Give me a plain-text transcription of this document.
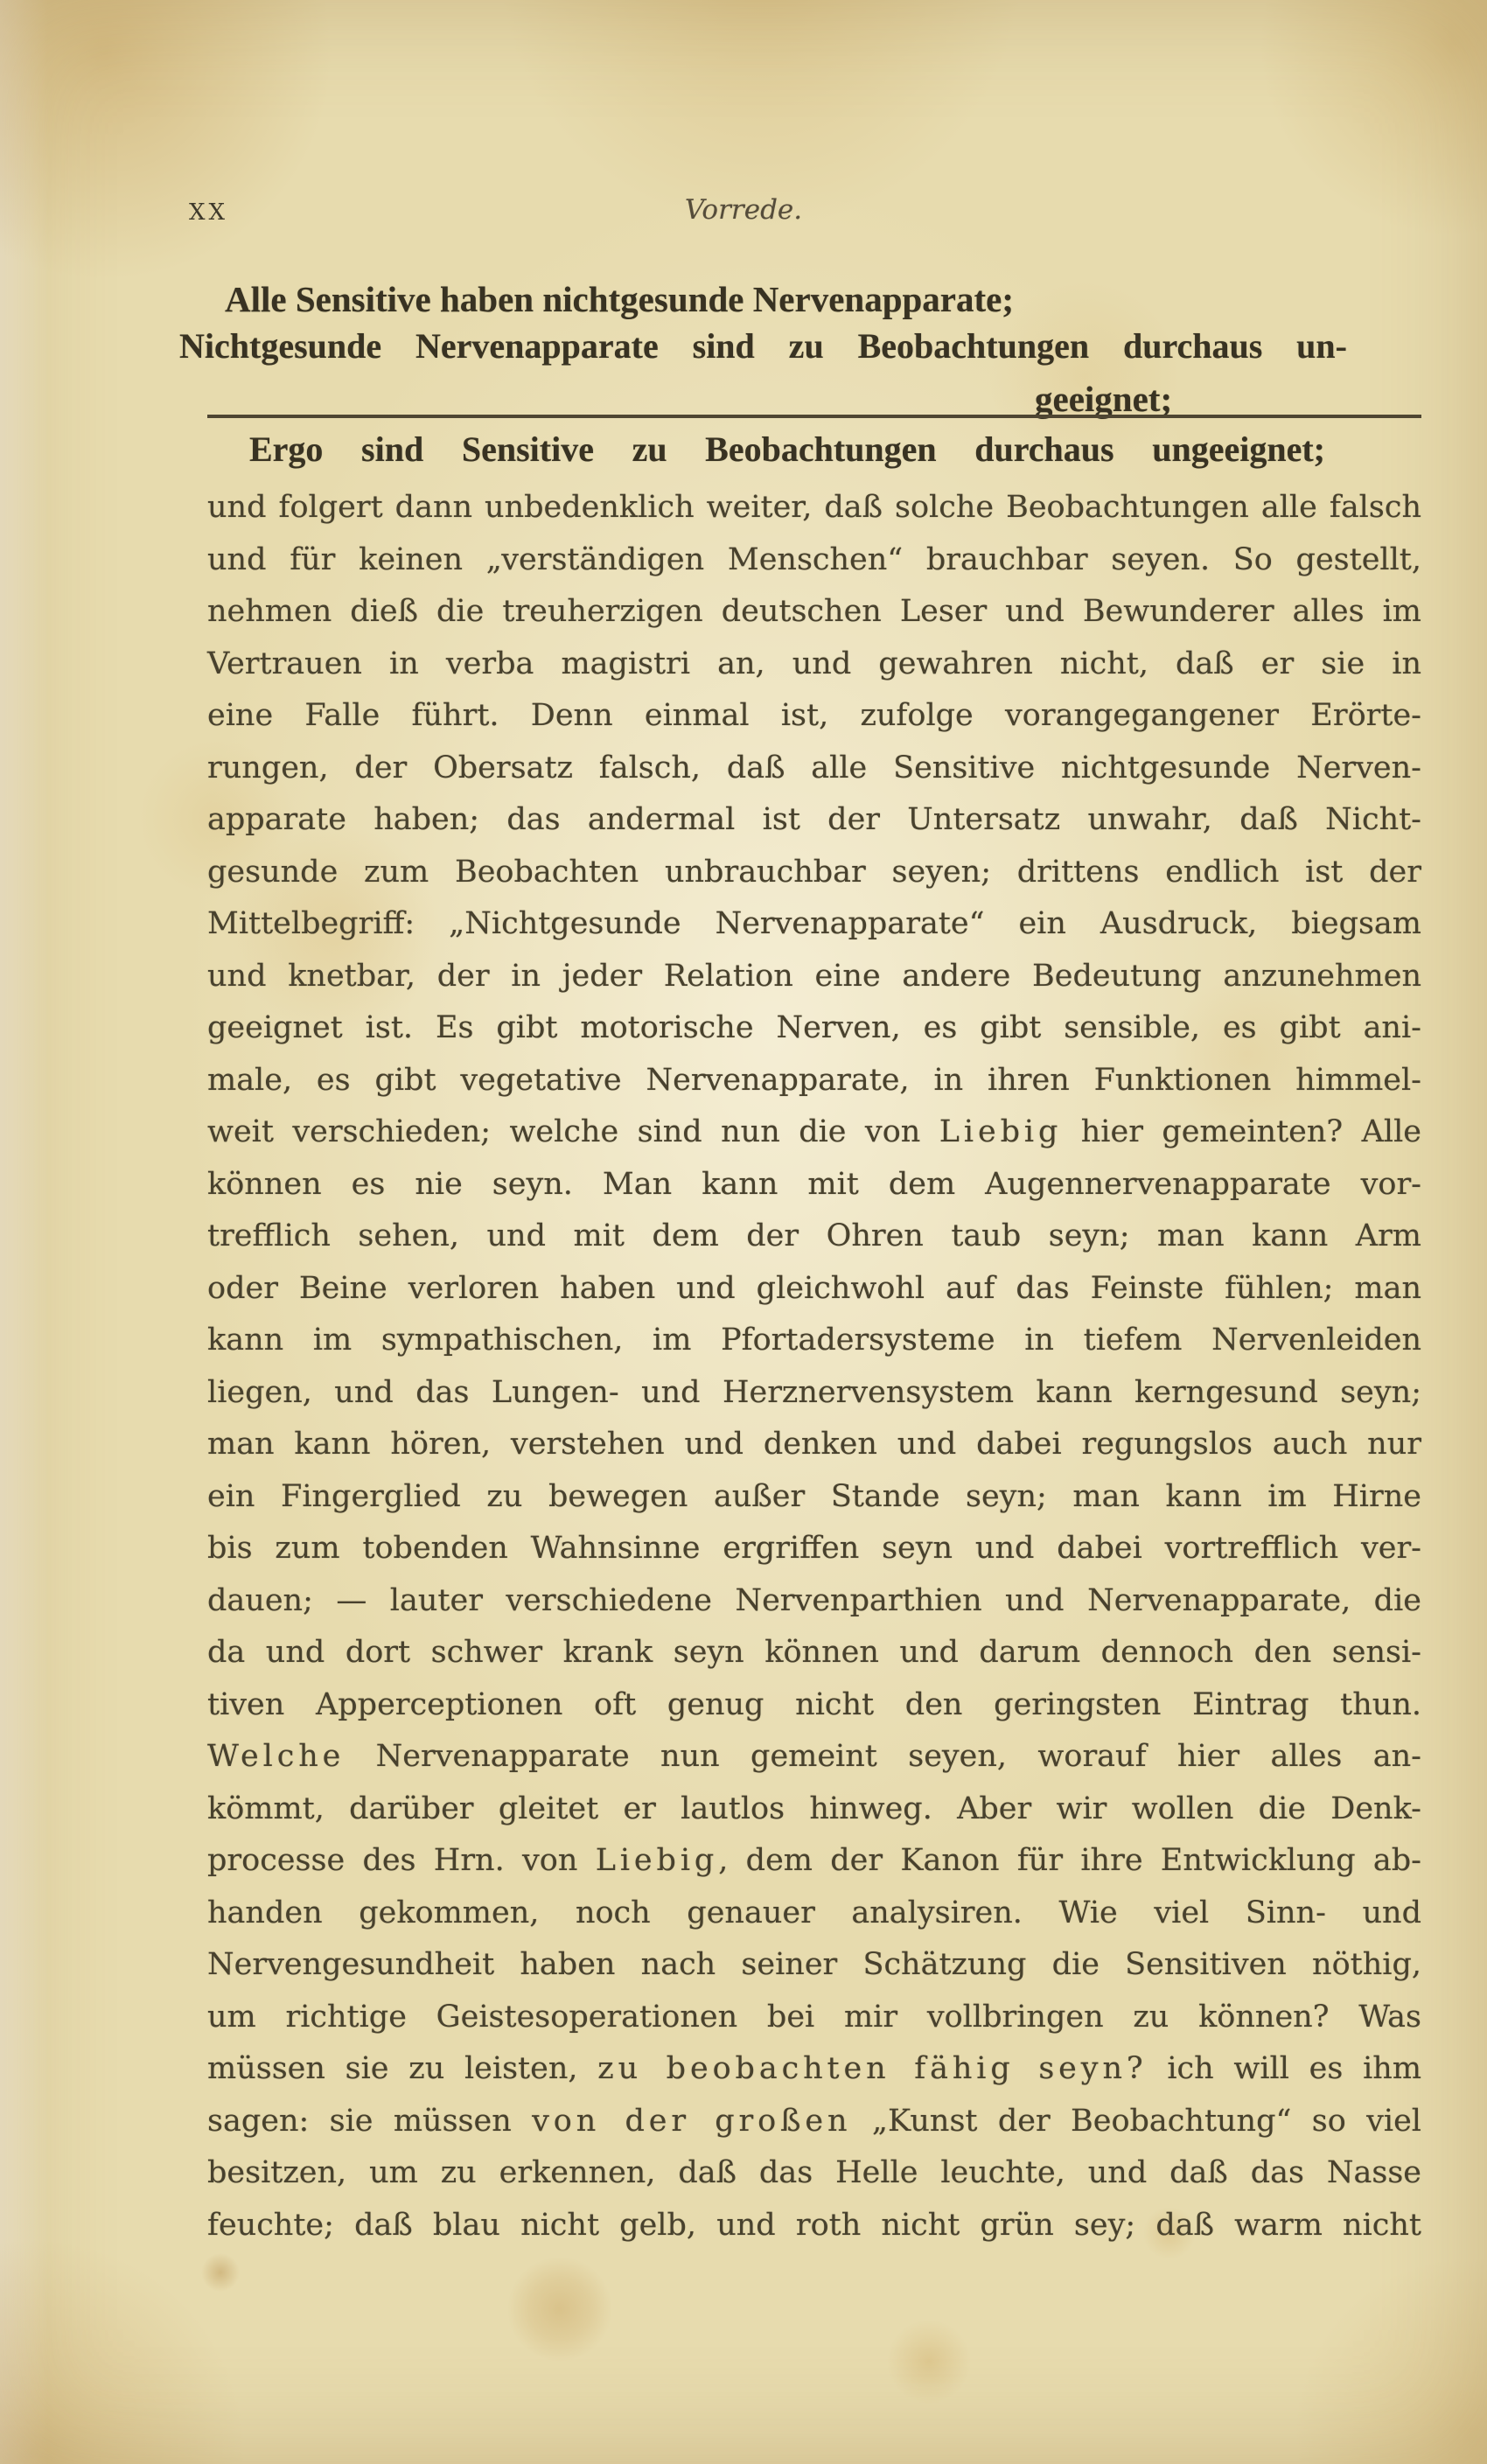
XX	Vorrede.
Alle Sensitive haben nichtgesunde Nervenapparate;
Nichtgesunde Nervenapparate sind zu Beobachtungen durchaus un-
geeignet;
Ergo sind Sensitive zu Beobachtungen durchaus ungeeignet;
und folgert dann unbedenklich weiter, daß solche Beobachtungen alle falsch
und für keinen „verständigen Menschen“ brauchbar seyen. So gestellt,
nehmen dieß die treuherzigen deutschen Leser und Bewunderer alles im
Vertrauen in verba magistri an, und gewahren nicht, daß er sie in
eine Falle führt. Denn einmal ist, zufolge vorangegangener Erörte-
rungen, der Obersatz falsch, daß alle Sensitive nichtgesunde Nerven-
apparate haben; das andermal ist der Untersatz unwahr, daß Nicht-
gesunde zum Beobachten unbrauchbar seyen; drittens endlich ist der
Mittelbegriff: „Nichtgesunde Nervenapparate“ ein Ausdruck, biegsam
und knetbar, der in jeder Relation eine andere Bedeutung anzunehmen
geeignet ist. Es gibt motorische Nerven, es gibt sensible, es gibt ani-
male, es gibt vegetative Nervenapparate, in ihren Funktionen himmel-
weit verschieden; welche sind nun die von Liebig hier gemeinten? Alle
können es nie seyn. Man kann mit dem Augennervenapparate vor-
trefflich sehen, und mit dem der Ohren taub seyn; man kann Arm
oder Beine verloren haben und gleichwohl auf das Feinste fühlen; man
kann im sympathischen, im Pfortadersysteme in tiefem Nervenleiden
liegen, und das Lungen- und Herznervensystem kann kerngesund seyn;
man kann hören, verstehen und denken und dabei regungslos auch nur
ein Fingerglied zu bewegen außer Stande seyn; man kann im Hirne
bis zum tobenden Wahnsinne ergriffen seyn und dabei vortrefflich ver-
dauen; — lauter verschiedene Nervenparthien und Nervenapparate, die
da und dort schwer krank seyn können und darum dennoch den sensi-
tiven Apperceptionen oft genug nicht den geringsten Eintrag thun.
Welche Nervenapparate nun gemeint seyen, worauf hier alles an-
kömmt, darüber gleitet er lautlos hinweg. Aber wir wollen die Denk-
processe des Hrn. von Liebig, dem der Kanon für ihre Entwicklung ab-
handen gekommen, noch genauer analysiren. Wie viel Sinn- und
Nervengesundheit haben nach seiner Schätzung die Sensitiven nöthig,
um richtige Geistesoperationen bei mir vollbringen zu können? Was
müssen sie zu leisten, zu beobachten fähig seyn? ich will es ihm
sagen: sie müssen von der großen „Kunst der Beobachtung“ so viel
besitzen, um zu erkennen, daß das Helle leuchte, und daß das Nasse
feuchte; daß blau nicht gelb, und roth nicht grün sey; daß warm nicht
